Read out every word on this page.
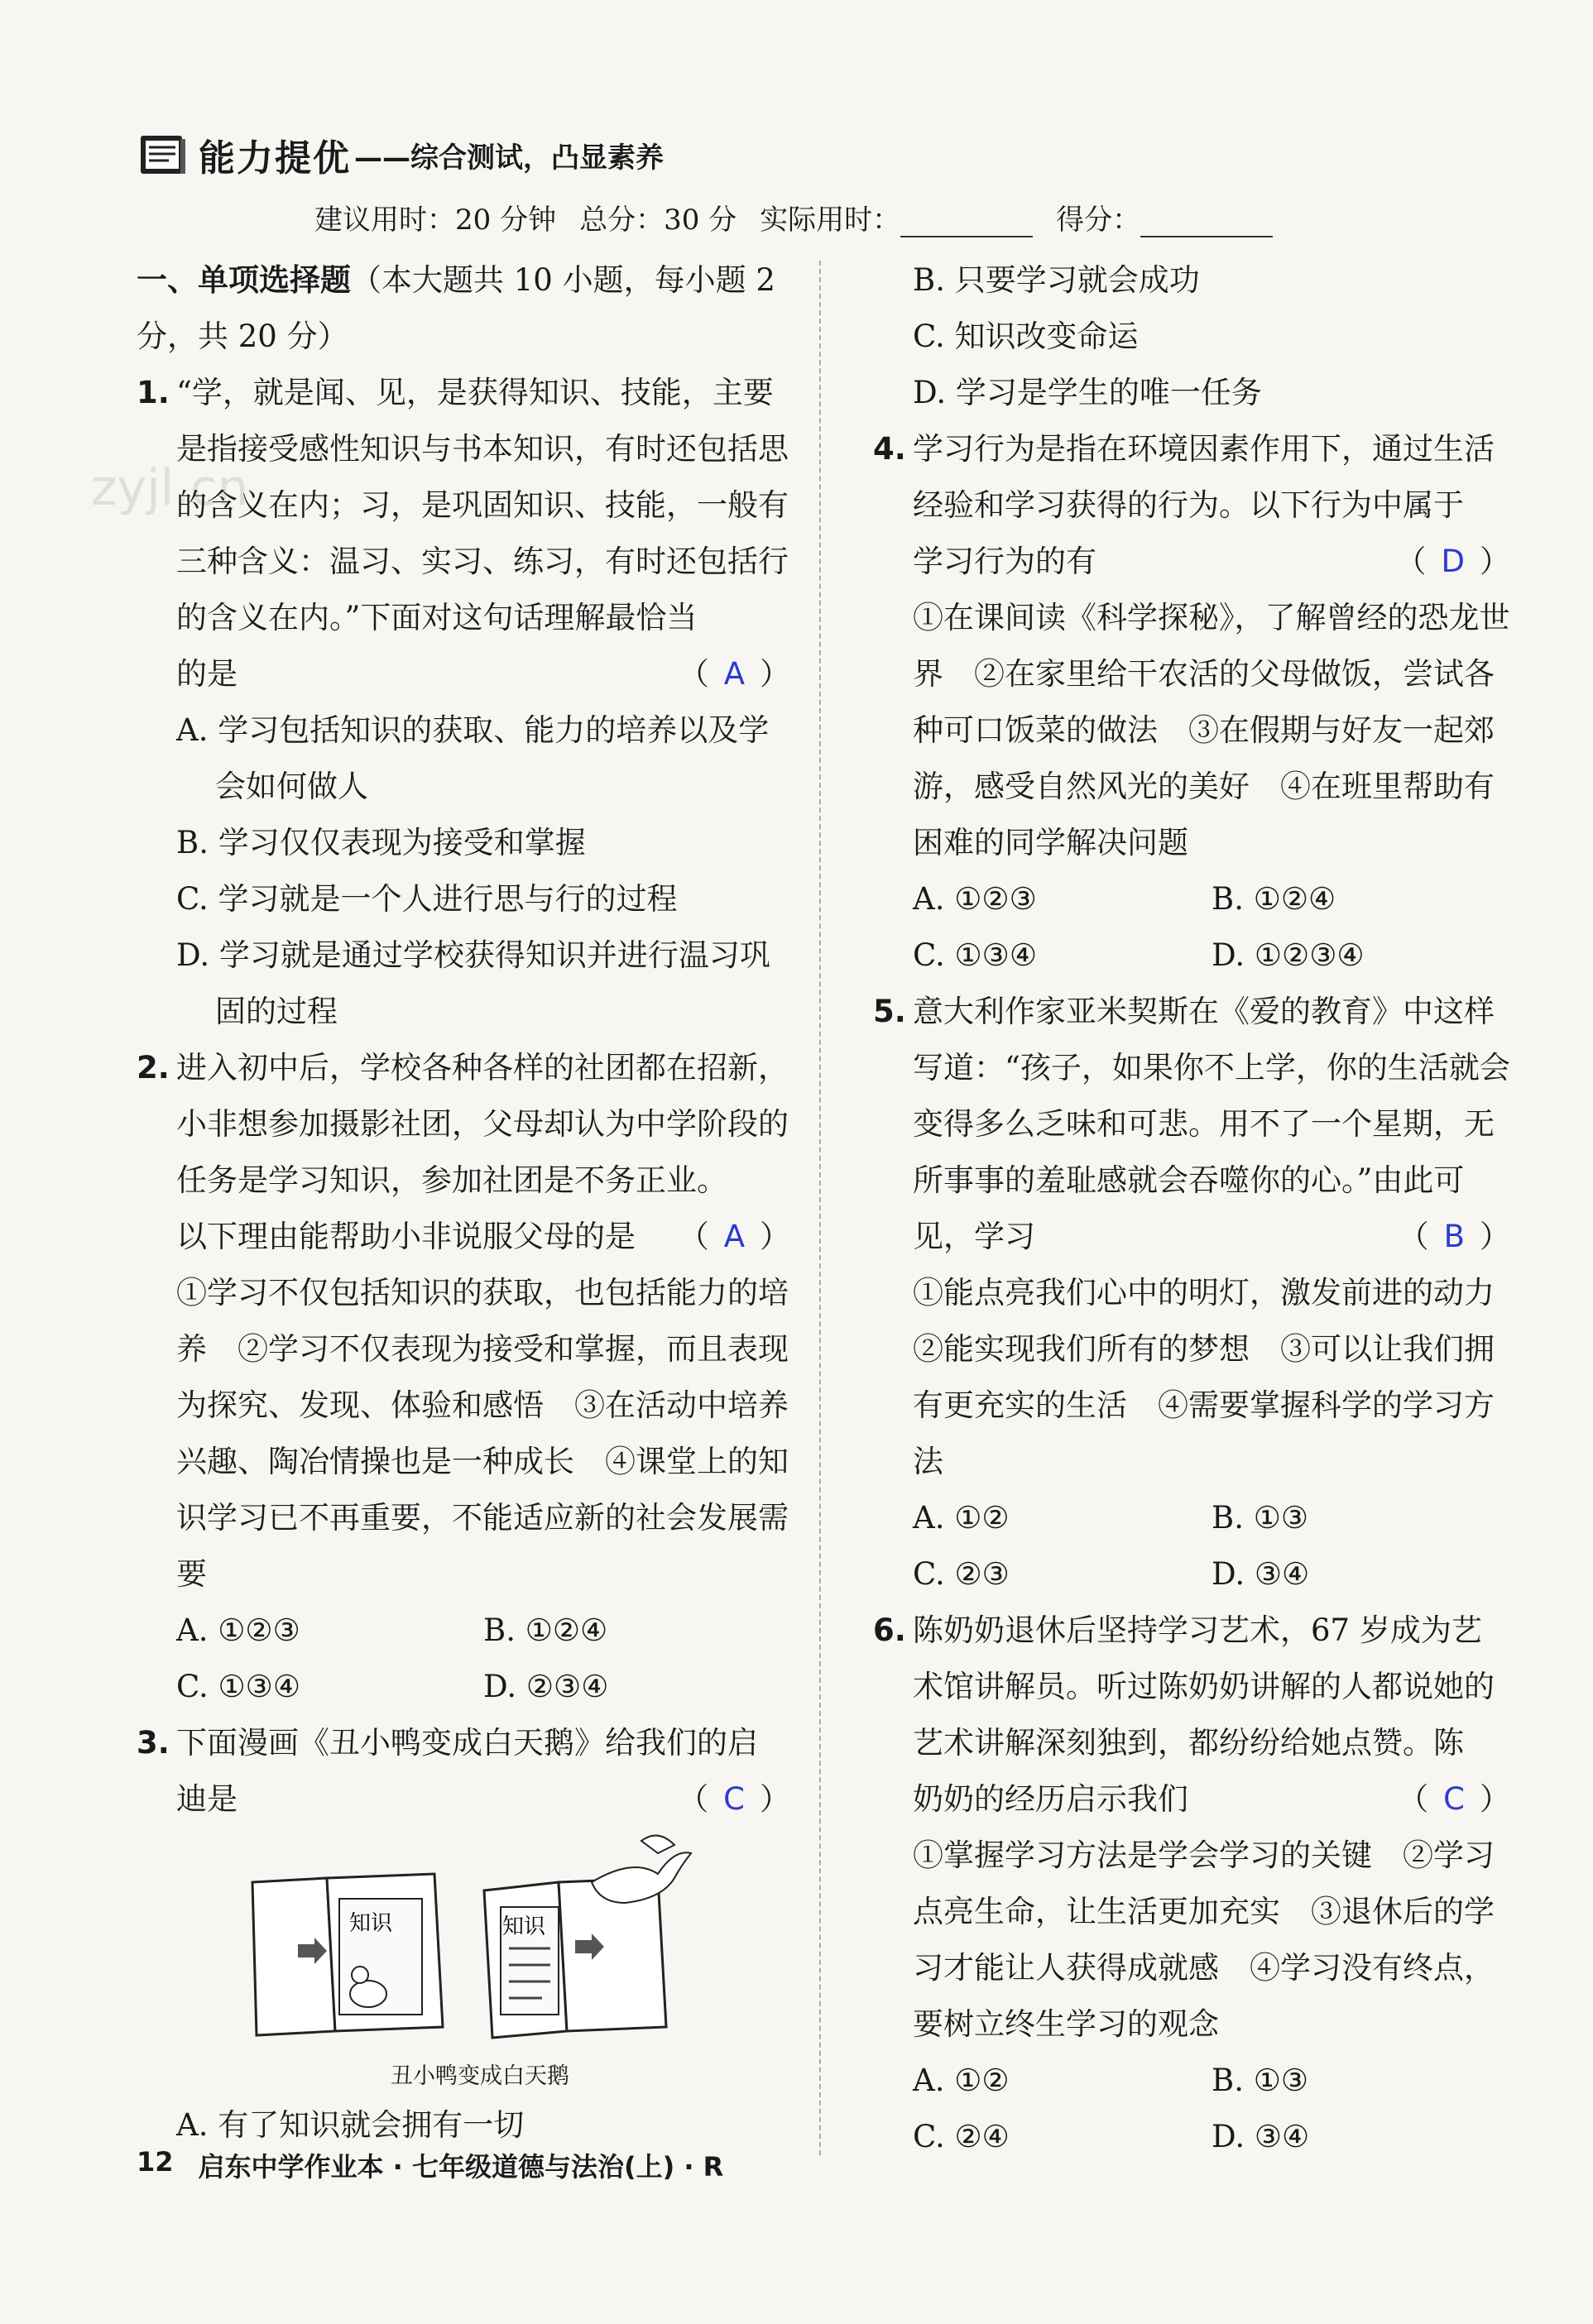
zyjl.cn
能力提优 ——综合测试，凸显素养
建议用时：20 分钟 总分：30 分 实际用时：	得分：
一、单项选择题（本大题共 10 小题，每小题 2 分，共 20 分）
1. “学，就是闻、见，是获得知识、技能，主要是指接受感性知识与书本知识，有时还包括思的含义在内；习，是巩固知识、技能，一般有三种含义：温习、实习、练习，有时还包括行的含义在内。”下面对这句话理解最恰当
的是	（ A ）
A. 学习包括知识的获取、能力的培养以及学会如何做人
B. 学习仅仅表现为接受和掌握
C. 学习就是一个人进行思与行的过程
D. 学习就是通过学校获得知识并进行温习巩固的过程
2. 进入初中后，学校各种各样的社团都在招新，小非想参加摄影社团，父母却认为中学阶段的任务是学习知识，参加社团是不务正业。
以下理由能帮助小非说服父母的是 （ A ）
①学习不仅包括知识的获取，也包括能力的培养　②学习不仅表现为接受和掌握，而且表现为探究、发现、体验和感悟　③在活动中培养兴趣、陶冶情操也是一种成长　④课堂上的知识学习已不再重要，不能适应新的社会发展需要
A. ①②③	B. ①②④
C. ①③④	D. ②③④
3. 下面漫画《丑小鸭变成白天鹅》给我们的启
迪是	（ C ）
知识	知识
丑小鸭变成白天鹅
A. 有了知识就会拥有一切
B. 只要学习就会成功
C. 知识改变命运
D. 学习是学生的唯一任务
4. 学习行为是指在环境因素作用下，通过生活经验和学习获得的行为。以下行为中属于
学习行为的有	（ D ）
①在课间读《科学探秘》，了解曾经的恐龙世界　②在家里给干农活的父母做饭，尝试各种可口饭菜的做法　③在假期与好友一起郊游，感受自然风光的美好　④在班里帮助有困难的同学解决问题
A. ①②③	B. ①②④
C. ①③④	D. ①②③④
5. 意大利作家亚米契斯在《爱的教育》中这样写道：“孩子，如果你不上学，你的生活就会变得多么乏味和可悲。用不了一个星期，无所事事的羞耻感就会吞噬你的心。”由此可
见，学习	（ B ）
①能点亮我们心中的明灯，激发前进的动力　②能实现我们所有的梦想　③可以让我们拥有更充实的生活　④需要掌握科学的学习方法
A. ①②	B. ①③
C. ②③	D. ③④
6. 陈奶奶退休后坚持学习艺术，67 岁成为艺术馆讲解员。听过陈奶奶讲解的人都说她的艺术讲解深刻独到，都纷纷给她点赞。陈
奶奶的经历启示我们	（ C ）
①掌握学习方法是学会学习的关键　②学习点亮生命，让生活更加充实　③退休后的学习才能让人获得成就感　④学习没有终点，要树立终生学习的观念
A. ①②	B. ①③
C. ②④	D. ③④
12 启东中学作业本 · 七年级道德与法治(上) · R
